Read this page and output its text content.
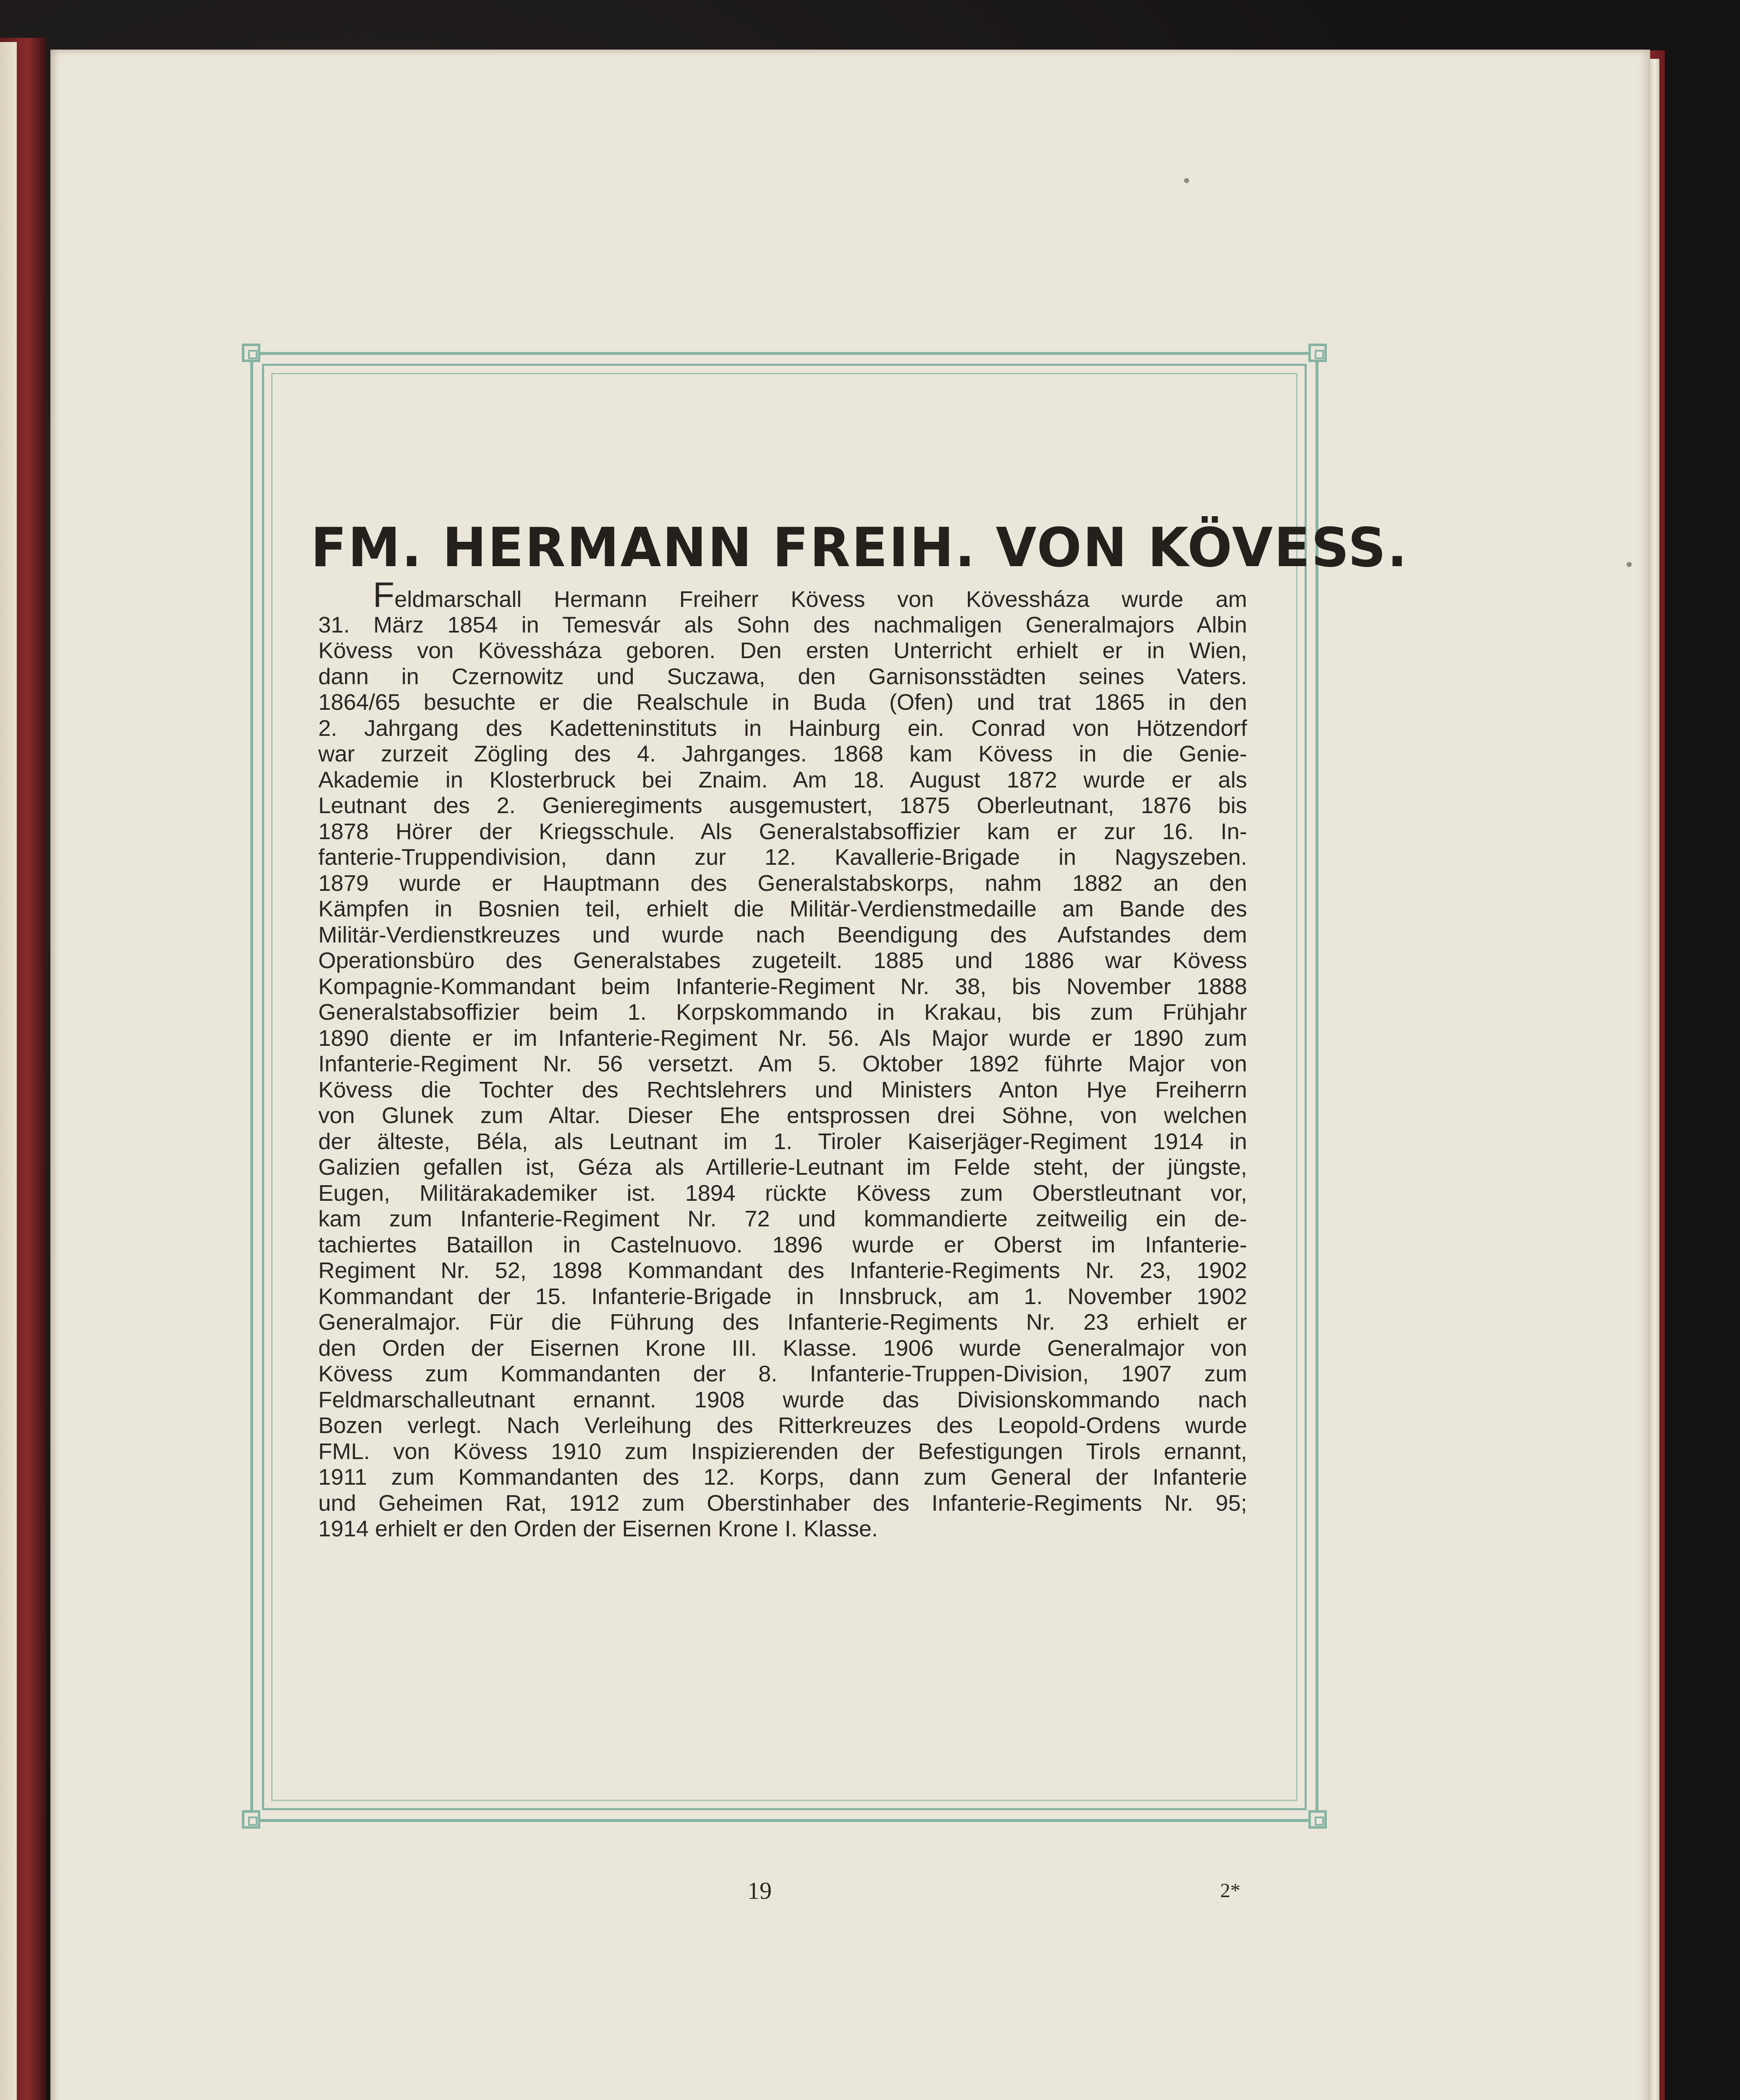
FM. HERMANN FREIH. VON KÖVESS.
Feldmarschall Hermann Freiherr Kövess von Kövessháza wurde am
31. März 1854 in Temesvár als Sohn des nachmaligen Generalmajors Albin
Kövess von Kövessháza geboren. Den ersten Unterricht erhielt er in Wien,
dann in Czernowitz und Suczawa, den Garnisonsstädten seines Vaters.
1864/65 besuchte er die Realschule in Buda (Ofen) und trat 1865 in den
2. Jahrgang des Kadetteninstituts in Hainburg ein. Conrad von Hötzendorf
war zurzeit Zögling des 4. Jahrganges. 1868 kam Kövess in die Genie-
Akademie in Klosterbruck bei Znaim. Am 18. August 1872 wurde er als
Leutnant des 2. Genieregiments ausgemustert, 1875 Oberleutnant, 1876 bis
1878 Hörer der Kriegsschule. Als Generalstabsoffizier kam er zur 16. In-
fanterie-Truppendivision, dann zur 12. Kavallerie-Brigade in Nagyszeben.
1879 wurde er Hauptmann des Generalstabskorps, nahm 1882 an den
Kämpfen in Bosnien teil, erhielt die Militär-Verdienstmedaille am Bande des
Militär-Verdienstkreuzes und wurde nach Beendigung des Aufstandes dem
Operationsbüro des Generalstabes zugeteilt. 1885 und 1886 war Kövess
Kompagnie-Kommandant beim Infanterie-Regiment Nr. 38, bis November 1888
Generalstabsoffizier beim 1. Korpskommando in Krakau, bis zum Frühjahr
1890 diente er im Infanterie-Regiment Nr. 56. Als Major wurde er 1890 zum
Infanterie-Regiment Nr. 56 versetzt. Am 5. Oktober 1892 führte Major von
Kövess die Tochter des Rechtslehrers und Ministers Anton Hye Freiherrn
von Glunek zum Altar. Dieser Ehe entsprossen drei Söhne, von welchen
der älteste, Béla, als Leutnant im 1. Tiroler Kaiserjäger-Regiment 1914 in
Galizien gefallen ist, Géza als Artillerie-Leutnant im Felde steht, der jüngste,
Eugen, Militärakademiker ist. 1894 rückte Kövess zum Oberstleutnant vor,
kam zum Infanterie-Regiment Nr. 72 und kommandierte zeitweilig ein de-
tachiertes Bataillon in Castelnuovo. 1896 wurde er Oberst im Infanterie-
Regiment Nr. 52, 1898 Kommandant des Infanterie-Regiments Nr. 23, 1902
Kommandant der 15. Infanterie-Brigade in Innsbruck, am 1. November 1902
Generalmajor. Für die Führung des Infanterie-Regiments Nr. 23 erhielt er
den Orden der Eisernen Krone III. Klasse. 1906 wurde Generalmajor von
Kövess zum Kommandanten der 8. Infanterie-Truppen-Division, 1907 zum
Feldmarschalleutnant ernannt. 1908 wurde das Divisionskommando nach
Bozen verlegt. Nach Verleihung des Ritterkreuzes des Leopold-Ordens wurde
FML. von Kövess 1910 zum Inspizierenden der Befestigungen Tirols ernannt,
1911 zum Kommandanten des 12. Korps, dann zum General der Infanterie
und Geheimen Rat, 1912 zum Oberstinhaber des Infanterie-Regiments Nr. 95;
1914 erhielt er den Orden der Eisernen Krone I. Klasse.
19	2*
